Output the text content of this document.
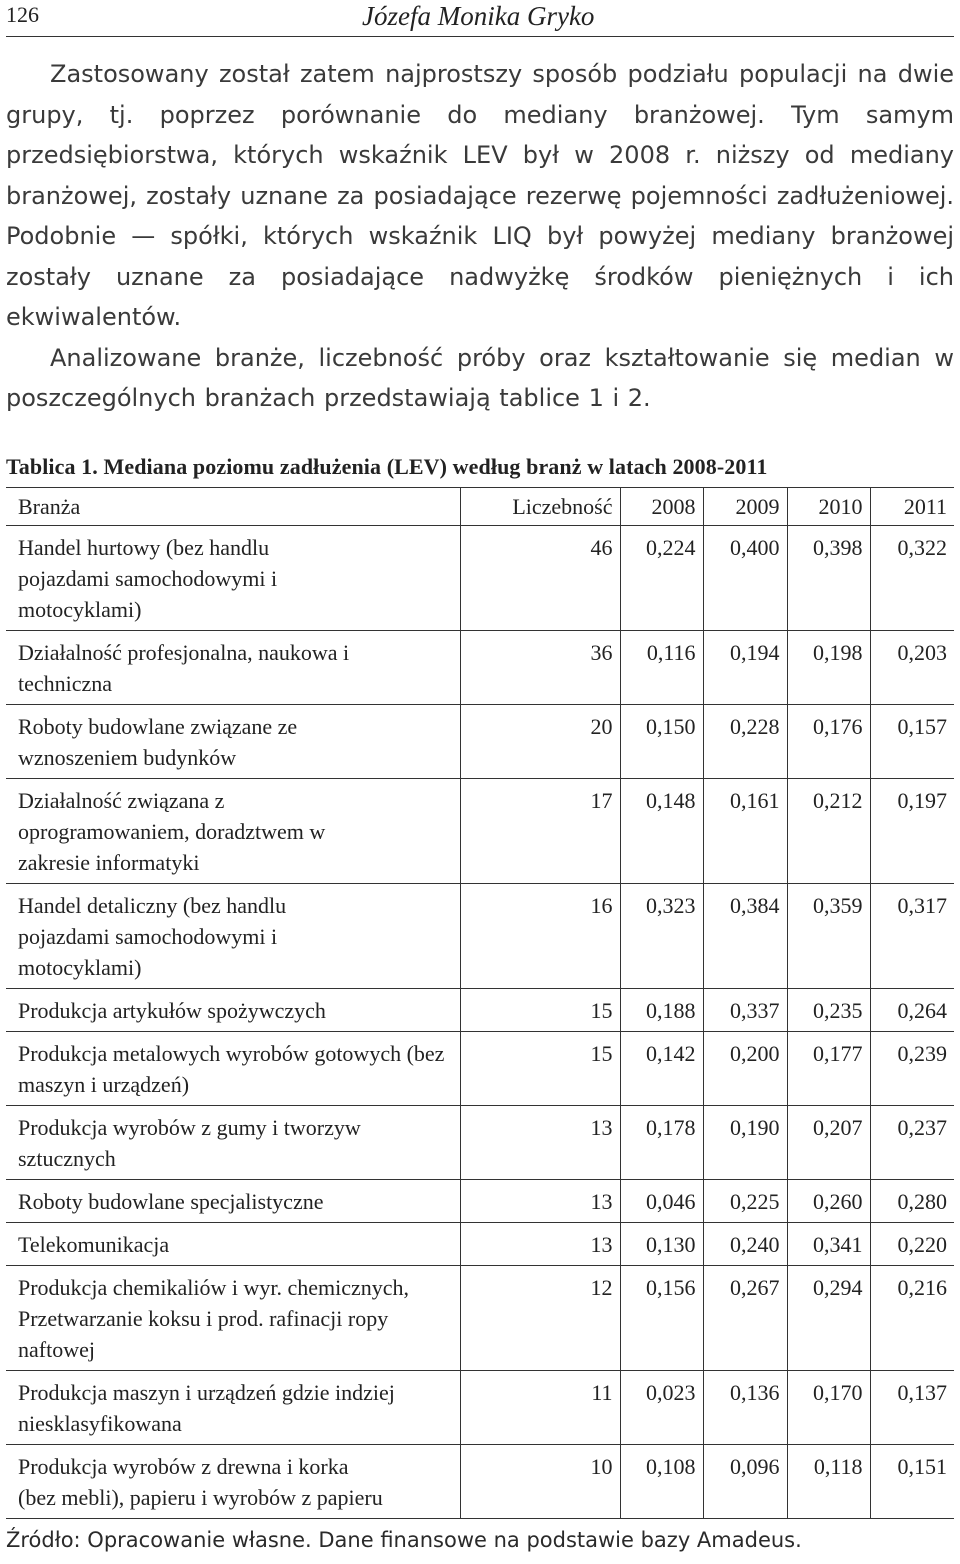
126	Józefa Monika Gryko

Zastosowany został zatem najprostszy sposób podziału populacji na dwie grupy, tj. poprzez porównanie do mediany branżowej. Tym samym przedsiębiorstwa, których wskaźnik LEV był w 2008 r. niższy od mediany branżowej, zostały uznane za posiadające rezerwę pojemności zadłużeniowej. Podobnie — spółki, których wskaźnik LIQ był powyżej mediany branżowej zostały uznane za posiadające nadwyżkę środków pieniężnych i ich ekwiwalentów.

Analizowane branże, liczebność próby oraz kształtowanie się median w poszczególnych branżach przedstawiają tablice 1 i 2.

Tablica 1. Mediana poziomu zadłużenia (LEV) według branż w latach 2008-2011
Branża	Liczebność	2008	2009	2010	2011
Handel hurtowy (bez handlu pojazdami samochodowymi i motocyklami)	46	0,224	0,400	0,398	0,322
Działalność profesjonalna, naukowa i techniczna	36	0,116	0,194	0,198	0,203
Roboty budowlane związane ze wznoszeniem budynków	20	0,150	0,228	0,176	0,157
Działalność związana z oprogramowaniem, doradztwem w zakresie informatyki	17	0,148	0,161	0,212	0,197
Handel detaliczny (bez handlu pojazdami samochodowymi i motocyklami)	16	0,323	0,384	0,359	0,317
Produkcja artykułów spożywczych	15	0,188	0,337	0,235	0,264
Produkcja metalowych wyrobów gotowych (bez maszyn i urządzeń)	15	0,142	0,200	0,177	0,239
Produkcja wyrobów z gumy i tworzyw sztucznych	13	0,178	0,190	0,207	0,237
Roboty budowlane specjalistyczne	13	0,046	0,225	0,260	0,280
Telekomunikacja	13	0,130	0,240	0,341	0,220
Produkcja chemikaliów i wyr. chemicznych, Przetwarzanie koksu i prod. rafinacji ropy naftowej	12	0,156	0,267	0,294	0,216
Produkcja maszyn i urządzeń gdzie indziej niesklasyfikowana	11	0,023	0,136	0,170	0,137
Produkcja wyrobów z drewna i korka (bez mebli), papieru i wyrobów z papieru	10	0,108	0,096	0,118	0,151
Źródło: Opracowanie własne. Dane finansowe na podstawie bazy Amadeus.
